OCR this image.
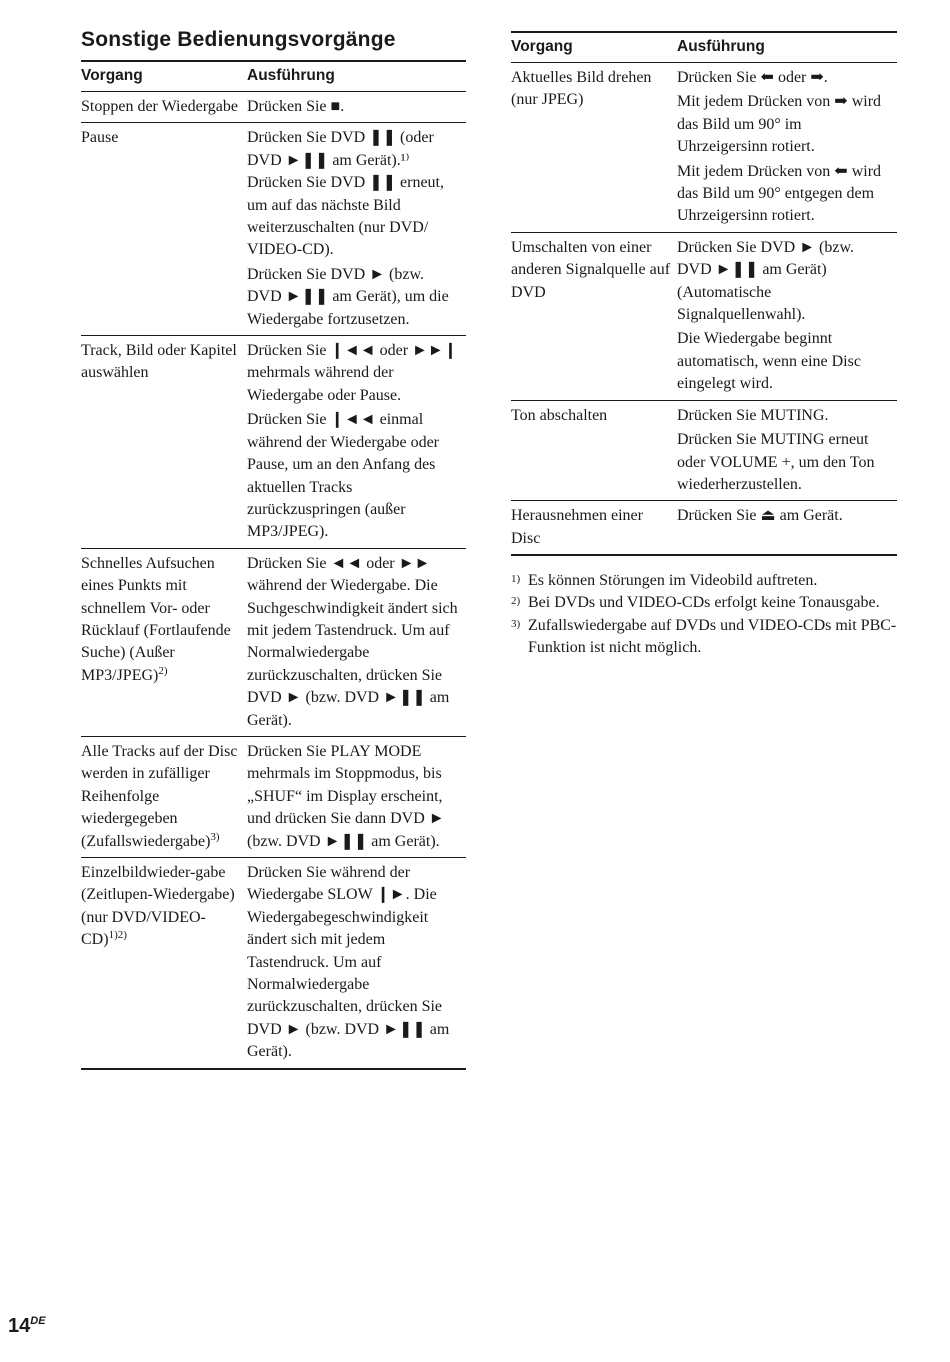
Sonstige Bedienungsvorgänge
Vorgang	Ausführung
Stoppen der Wiedergabe	Drücken Sie ■.

Pause	Drücken Sie DVD ❚❚ (oder DVD ►❚❚ am Gerät).¹⁾ Drücken Sie DVD ❚❚ erneut, um auf das nächste Bild weiterzuschalten (nur DVD/ VIDEO-CD).

Drücken Sie DVD ► (bzw. DVD ►❚❚ am Gerät), um die Wiedergabe fortzusetzen.

Track, Bild oder Kapitel auswählen	Drücken Sie ❙◄◄ oder ►►❙ mehrmals während der Wiedergabe oder Pause.

Drücken Sie ❙◄◄ einmal während der Wiedergabe oder Pause, um an den Anfang des aktuellen Tracks zurückzuspringen (außer MP3/JPEG).

Schnelles Aufsuchen eines Punkts mit schnellem Vor- oder Rücklauf (Fortlaufende Suche) (Außer MP3/JPEG)$^{2)}$	Drücken Sie ◄◄ oder ►► während der Wiedergabe. Die Suchgeschwindigkeit ändert sich mit jedem Tastendruck. Um auf Normalwiedergabe zurückzuschalten, drücken Sie DVD ► (bzw. DVD ►❚❚ am Gerät).

Alle Tracks auf der Disc werden in zufälliger Reihenfolge wiedergegeben (Zufallswiedergabe)$^{3)}$	Drücken Sie PLAY MODE mehrmals im Stoppmodus, bis „SHUF“ im Display erscheint, und drücken Sie dann DVD ► (bzw. DVD ►❚❚ am Gerät).

Einzelbildwieder-gabe (Zeitlupen-Wiedergabe) (nur DVD/VIDEO-CD)$^{1)2)}$	Drücken Sie während der Wiedergabe SLOW ❙►. Die Wiedergabegeschwindigkeit ändert sich mit jedem Tastendruck. Um auf Normalwiedergabe zurückzuschalten, drücken Sie DVD ► (bzw. DVD ►❚❚ am Gerät).

Vorgang	Ausführung
Aktuelles Bild drehen (nur JPEG)	Drücken Sie ⬅ oder ➡.

Mit jedem Drücken von ➡ wird das Bild um 90° im Uhrzeigersinn rotiert.

Mit jedem Drücken von ⬅ wird das Bild um 90° entgegen dem Uhrzeigersinn rotiert.

Umschalten von einer anderen Signalquelle auf DVD	Drücken Sie DVD ► (bzw. DVD ►❚❚ am Gerät) (Automatische Signalquellenwahl).

Die Wiedergabe beginnt automatisch, wenn eine Disc eingelegt wird.

Ton abschalten	Drücken Sie MUTING.

Drücken Sie MUTING erneut oder VOLUME +, um den Ton wiederherzustellen.

Herausnehmen einer Disc	Drücken Sie ⏏ am Gerät.

1) Es können Störungen im Videobild auftreten.

2) Bei DVDs und VIDEO-CDs erfolgt keine Tonausgabe.

3) Zufallswiedergabe auf DVDs und VIDEO-CDs mit PBC-Funktion ist nicht möglich.

14DE
